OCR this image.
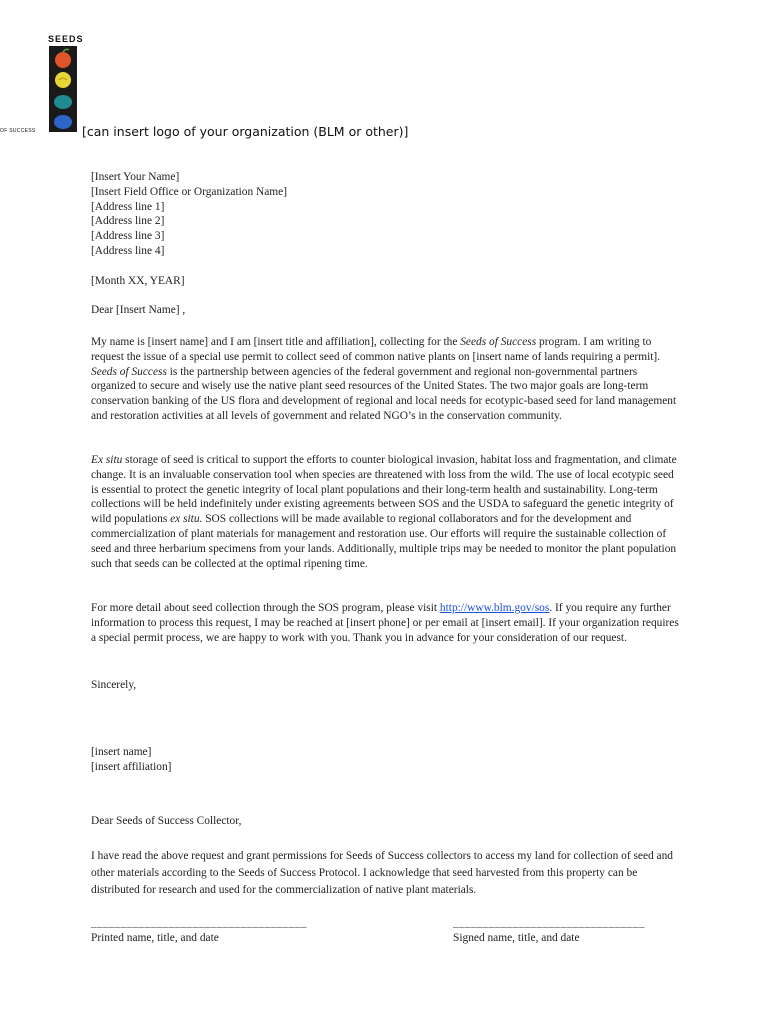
SEEDS
OF SUCCESS	[can insert logo of your organization (BLM or other)]

[Insert Your Name]

[Insert Field Office or Organization Name]

[Address line 1]

[Address line 2]

[Address line 3]

[Address line 4]

[Month XX, YEAR]
Dear [Insert Name] ,
My name is [insert name] and I am [insert title and affiliation], collecting for the Seeds of Success program. I am writing to request the issue of a special use permit to collect seed of common native plants on [insert name of lands requiring a permit]. Seeds of Success is the partnership between agencies of the federal government and regional non-governmental partners organized to secure and wisely use the native plant seed resources of the United States. The two major goals are long-term conservation banking of the US flora and development of regional and local needs for ecotypic-based seed for land management and restoration activities at all levels of government and related NGO’s in the conservation community.
Ex situ storage of seed is critical to support the efforts to counter biological invasion, habitat loss and fragmentation, and climate change. It is an invaluable conservation tool when species are threatened with loss from the wild. The use of local ecotypic seed is essential to protect the genetic integrity of local plant populations and their long-term health and sustainability. Long-term collections will be held indefinitely under existing agreements between SOS and the USDA to safeguard the genetic integrity of wild populations ex situ. SOS collections will be made available to regional collaborators and for the development and commercialization of plant materials for management and restoration use. Our efforts will require the sustainable collection of seed and three herbarium specimens from your lands. Additionally, multiple trips may be needed to monitor the plant population such that seeds can be collected at the optimal ripening time.
For more detail about seed collection through the SOS program, please visit http://www.blm.gov/sos. If you require any further information to process this request, I may be reached at [insert phone] or per email at [insert email]. If your organization requires a special permit process, we are happy to work with you. Thank you in advance for your consideration of our request.
Sincerely,

[insert name]

[insert affiliation]

Dear Seeds of Success Collector,
I have read the above request and grant permissions for Seeds of Success collectors to access my land for collection of seed and other materials according to the Seeds of Success Protocol. I acknowledge that seed harvested from this property can be distributed for research and used for the commercialization of native plant materials.
____________________________________	________________________________
Printed name, title, and date	Signed name, title, and date
